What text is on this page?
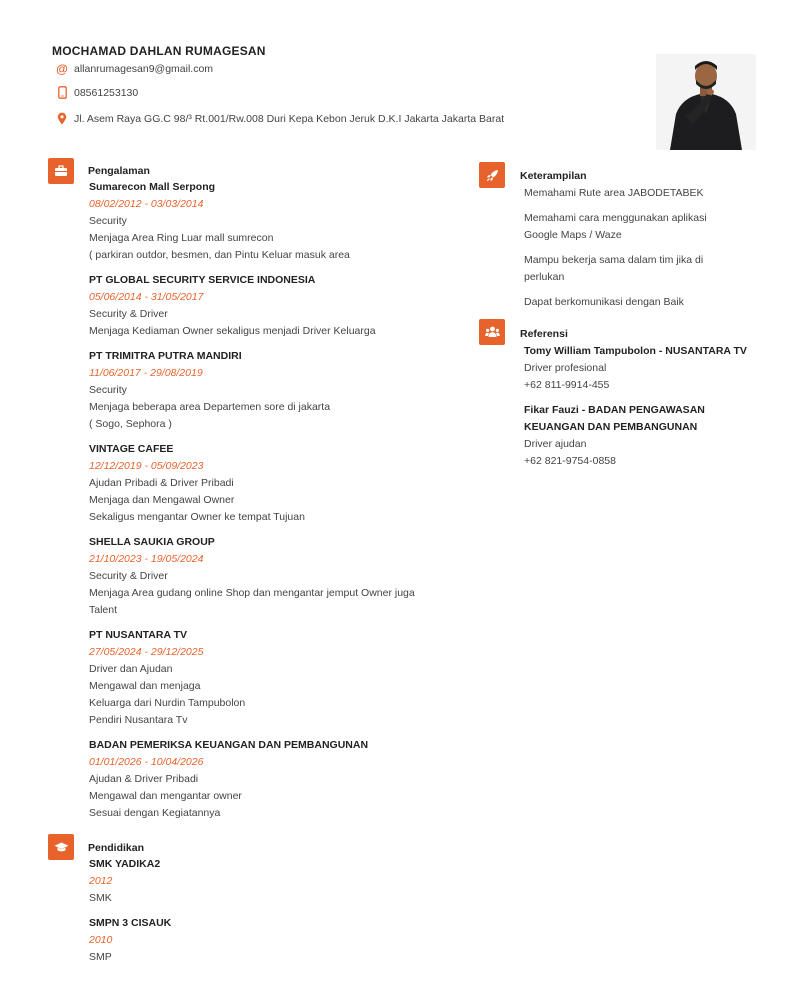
MOCHAMAD DAHLAN RUMAGESAN
@ allanrumagesan9@gmail.com
08561253130
Jl. Asem Raya GG.C 98/³ Rt.001/Rw.008 Duri Kepa Kebon Jeruk D.K.I Jakarta Jakarta Barat
Pengalaman
Sumarecon Mall Serpong
08/02/2012 - 03/03/2014
Security
Menjaga Area Ring Luar mall sumrecon
( parkiran outdor, besmen, dan Pintu Keluar masuk area
PT GLOBAL SECURITY SERVICE INDONESIA
05/06/2014 - 31/05/2017
Security & Driver
Menjaga Kediaman Owner sekaligus menjadi Driver Keluarga
PT TRIMITRA PUTRA MANDIRI
11/06/2017 - 29/08/2019
Security
Menjaga beberapa area Departemen sore di jakarta
( Sogo, Sephora )
VINTAGE CAFEE
12/12/2019 - 05/09/2023
Ajudan Pribadi & Driver Pribadi
Menjaga dan Mengawal Owner
Sekaligus mengantar Owner ke tempat Tujuan
SHELLA SAUKIA GROUP
21/10/2023 - 19/05/2024
Security & Driver
Menjaga Area gudang online Shop dan mengantar jemput Owner juga
Talent
PT NUSANTARA TV
27/05/2024 - 29/12/2025
Driver dan Ajudan
Mengawal dan menjaga
Keluarga dari Nurdin Tampubolon
Pendiri Nusantara Tv
BADAN PEMERIKSA KEUANGAN DAN PEMBANGUNAN
01/01/2026 - 10/04/2026
Ajudan & Driver Pribadi
Mengawal dan mengantar owner
Sesuai dengan Kegiatannya
Pendidikan
SMK YADIKA2
2012
SMK
SMPN 3 CISAUK
2010
SMP
Keterampilan
Memahami Rute area JABODETABEK
Memahami cara menggunakan aplikasi Google Maps / Waze
Mampu bekerja sama dalam tim jika di perlukan
Dapat berkomunikasi dengan Baik
Referensi
Tomy William Tampubolon - NUSANTARA TV
Driver profesional
+62 811-9914-455
Fikar Fauzi - BADAN PENGAWASAN KEUANGAN DAN PEMBANGUNAN
Driver ajudan
+62 821-9754-0858
